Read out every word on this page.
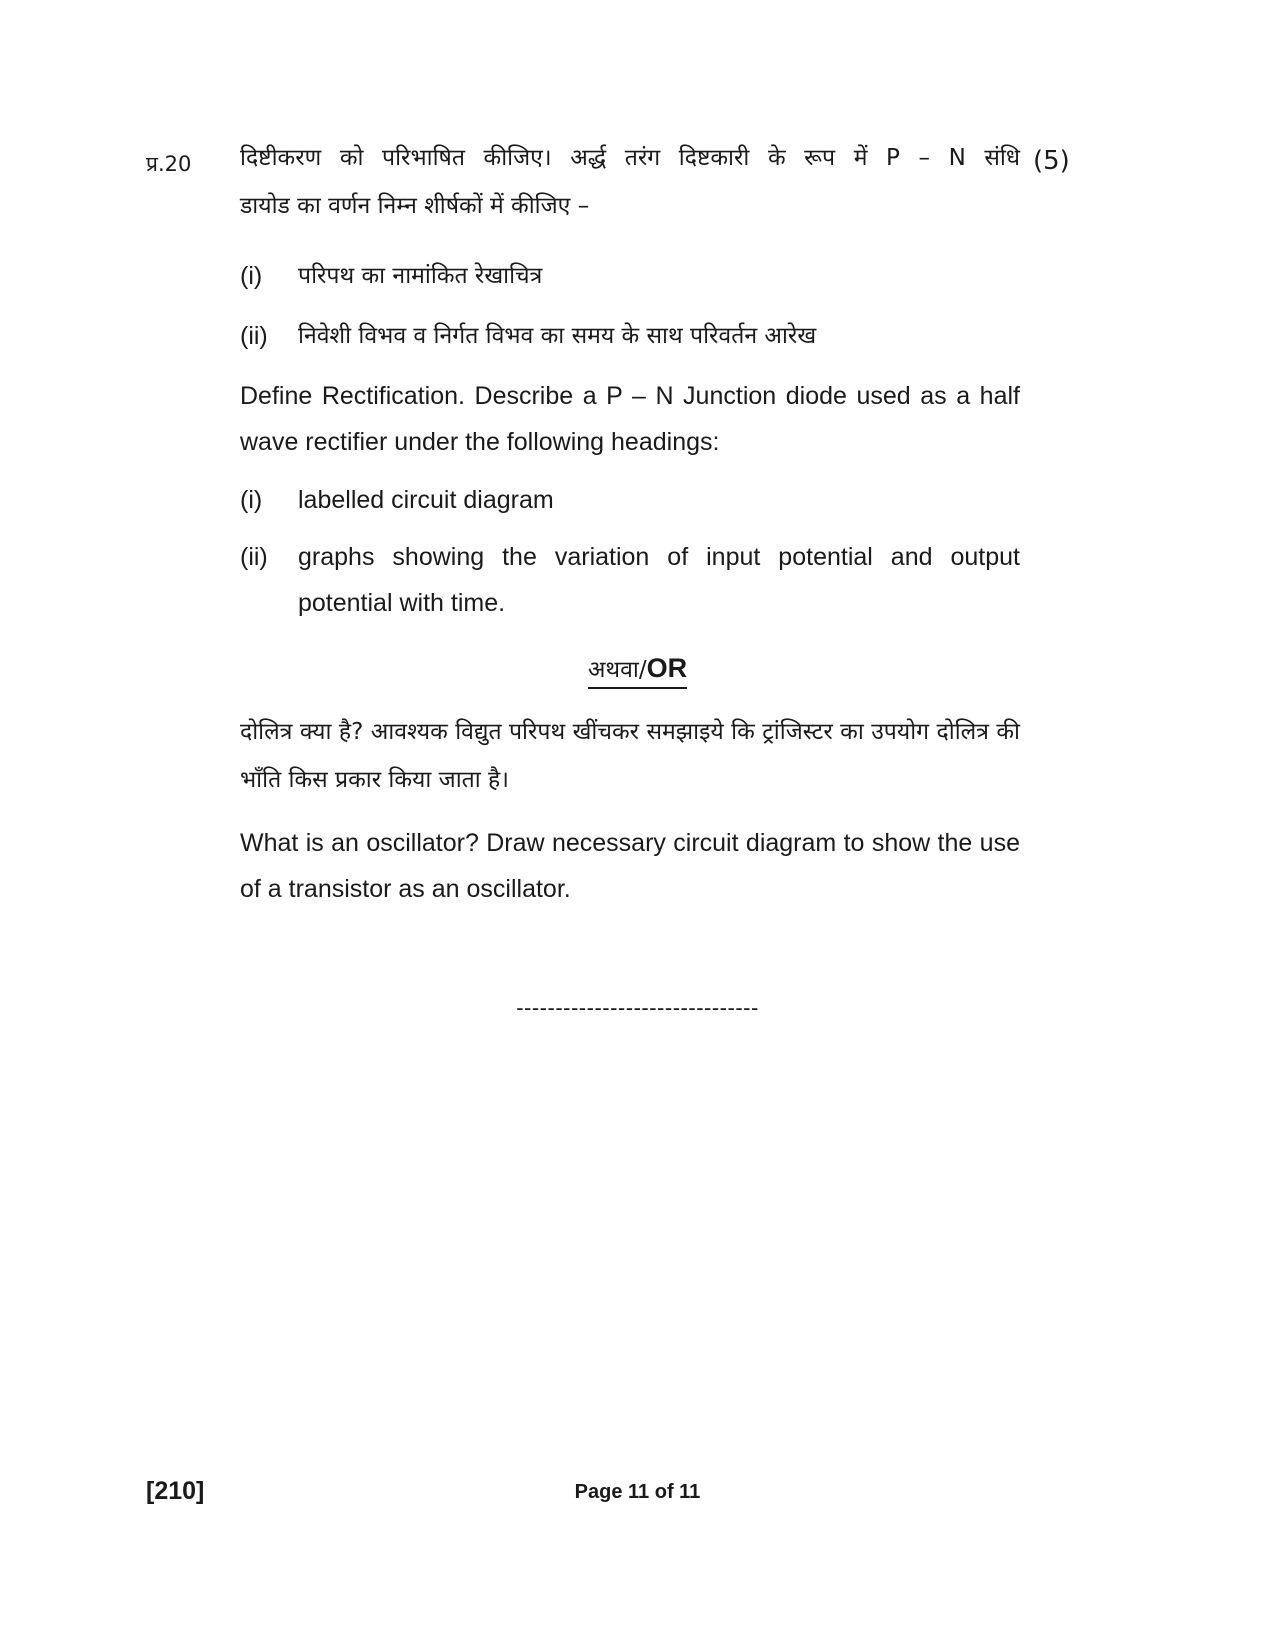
प्र.20	(5)
दिष्टीकरण को परिभाषित कीजिए। अर्द्ध तरंग दिष्टकारी के रूप में P – N संधि
डायोड का वर्णन निम्न शीर्षकों में कीजिए –
(i)	परिपथ का नामांकित रेखाचित्र
(ii)	निवेशी विभव व निर्गत विभव का समय के साथ परिवर्तन आरेख
Define Rectification. Describe a P – N Junction diode used as a half wave rectifier under the following headings:
(i)	labelled circuit diagram
(ii)	graphs showing the variation of input potential and output potential with time.
अथवा/OR
दोलित्र क्या है? आवश्यक विद्युत परिपथ खींचकर समझाइये कि ट्रांजिस्टर का उपयोग दोलित्र की भाँति किस प्रकार किया जाता है।
What is an oscillator? Draw necessary circuit diagram to show the use of a transistor as an oscillator.
-------------------------------
[210]	Page 11 of 11
